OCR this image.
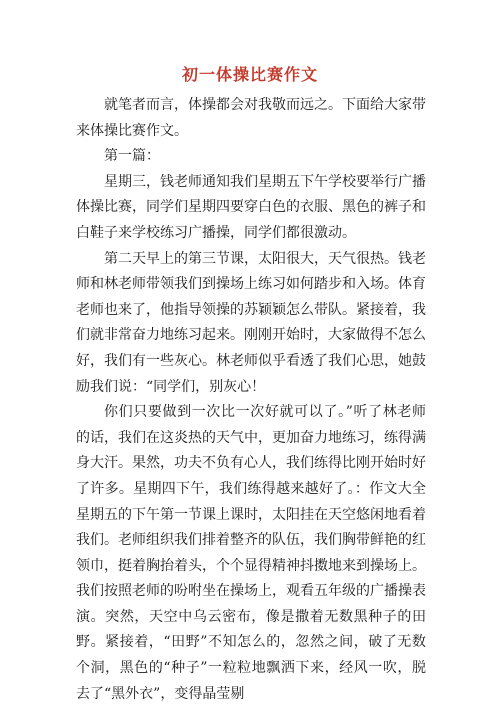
初一体操比赛作文

就笔者而言，体操都会对我敬而远之。下面给大家带来体操比赛作文。

第一篇：

星期三，钱老师通知我们星期五下午学校要举行广播体操比赛，同学们星期四要穿白色的衣服、黑色的裤子和白鞋子来学校练习广播操，同学们都很激动。

第二天早上的第三节课，太阳很大，天气很热。钱老师和林老师带领我们到操场上练习如何踏步和入场。体育老师也来了，他指导领操的苏颖颖怎么带队。紧接着，我们就非常奋力地练习起来。刚刚开始时，大家做得不怎么好，我们有一些灰心。林老师似乎看透了我们心思，她鼓励我们说：“同学们，别灰心！

你们只要做到一次比一次好就可以了。”听了林老师的话，我们在这炎热的天气中，更加奋力地练习，练得满身大汗。果然，功夫不负有心人，我们练得比刚开始时好了许多。星期四下午，我们练得越来越好了。：作文大全　星期五的下午第一节课上课时，太阳挂在天空悠闲地看着我们。老师组织我们排着整齐的队伍，我们胸带鲜艳的红领巾，挺着胸抬着头，个个显得精神抖擞地来到操场上。我们按照老师的吩咐坐在操场上，观看五年级的广播操表演。突然，天空中乌云密布，像是撒着无数黑种子的田野。紧接着，“田野”不知怎么的，忽然之间，破了无数个洞，黑色的“种子”一粒粒地飘洒下来，经风一吹，脱去了“黑外衣”，变得晶莹剔
